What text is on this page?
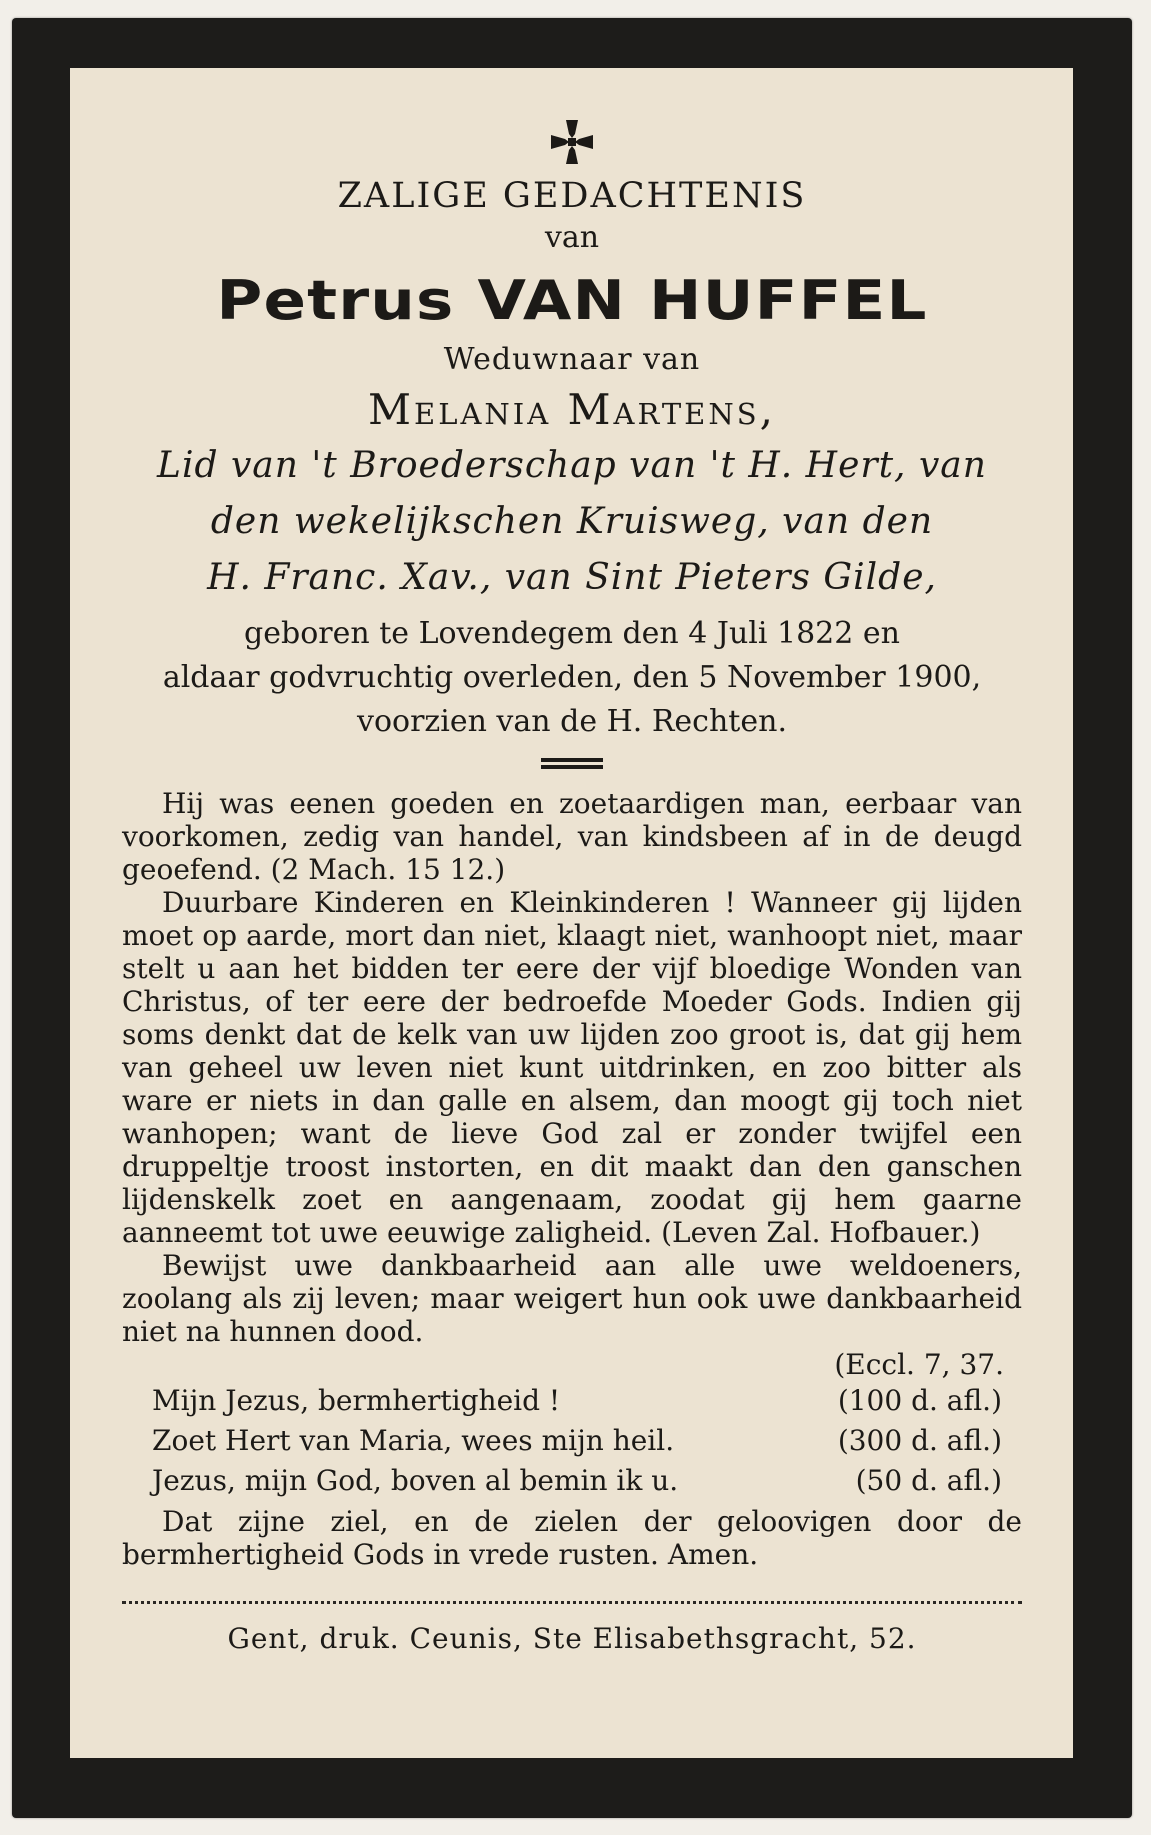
ZALIGE GEDACHTENIS
van
Petrus VAN HUFFEL
Weduwnaar van
Melania Martens,
Lid van 't Broederschap van 't H. Hert, van
den wekelijkschen Kruisweg, van den
H. Franc. Xav., van Sint Pieters Gilde,
geboren te Lovendegem den 4 Juli 1822 en
aldaar godvruchtig overleden, den 5 November 1900,
voorzien van de H. Rechten.

Hij was eenen goeden en zoetaardigen man, eerbaar van voorkomen, zedig van handel, van kindsbeen af in de deugd geoefend. (2 Mach. 15 12.)

Duurbare Kinderen en Kleinkinderen ! Wanneer gij lijden moet op aarde, mort dan niet, klaagt niet, wanhoopt niet, maar stelt u aan het bidden ter eere der vijf bloedige Wonden van Christus, of ter eere der bedroefde Moeder Gods. Indien gij soms denkt dat de kelk van uw lijden zoo groot is, dat gij hem van geheel uw leven niet kunt uitdrinken, en zoo bitter als ware er niets in dan galle en alsem, dan moogt gij toch niet wanhopen; want de lieve God zal er zonder twijfel een druppeltje troost instorten, en dit maakt dan den ganschen lijdenskelk zoet en aangenaam, zoodat gij hem gaarne aanneemt tot uwe eeuwige zaligheid. (Leven Zal. Hofbauer.)

Bewijst uwe dankbaarheid aan alle uwe weldoeners, zoolang als zij leven; maar weigert hun ook uwe dankbaarheid niet na hunnen dood.

(Eccl. 7, 37.
Mijn Jezus, bermhertigheid !	(100 d. afl.)
Zoet Hert van Maria, wees mijn heil.	(300 d. afl.)
Jezus, mijn God, boven al bemin ik u.	(50 d. afl.)

Dat zijne ziel, en de zielen der geloovigen door de bermhertigheid Gods in vrede rusten. Amen.

Gent, druk. Ceunis, Ste Elisabethsgracht, 52.
